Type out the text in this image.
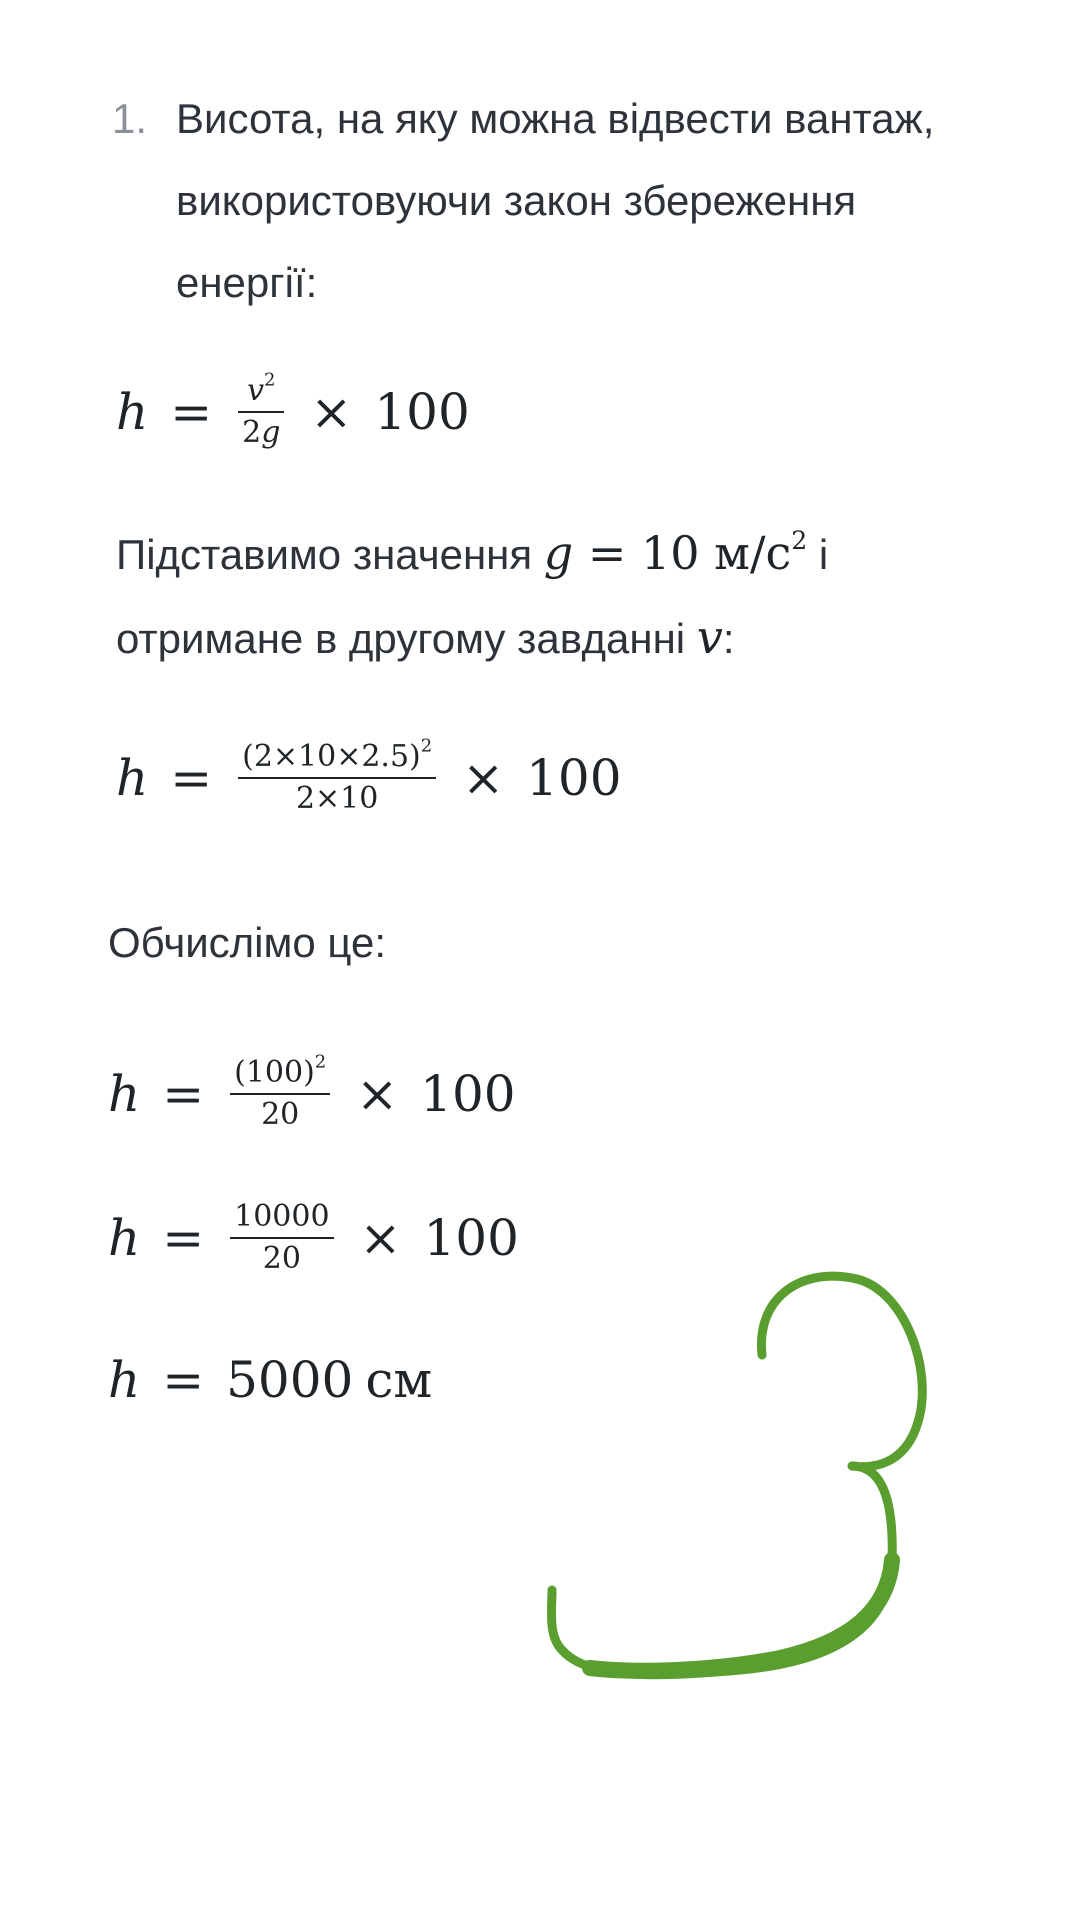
1. Висота, на яку можна відвести вантаж, використовуючи закон збереження енергії:
$h = \frac{v^2}{2g} \times 100$
Підставимо значення g = 10 $м/с^2$ і
отримане в другому завданні v:
$h = \frac{(2\times 10\times 2.5)^2}{2\times 10} \times 100$
Обчислімо це:
$h = \frac{(100)^2}{20} \times 100$
$h = \frac{10000}{20} \times 100$
h = 5000 см
